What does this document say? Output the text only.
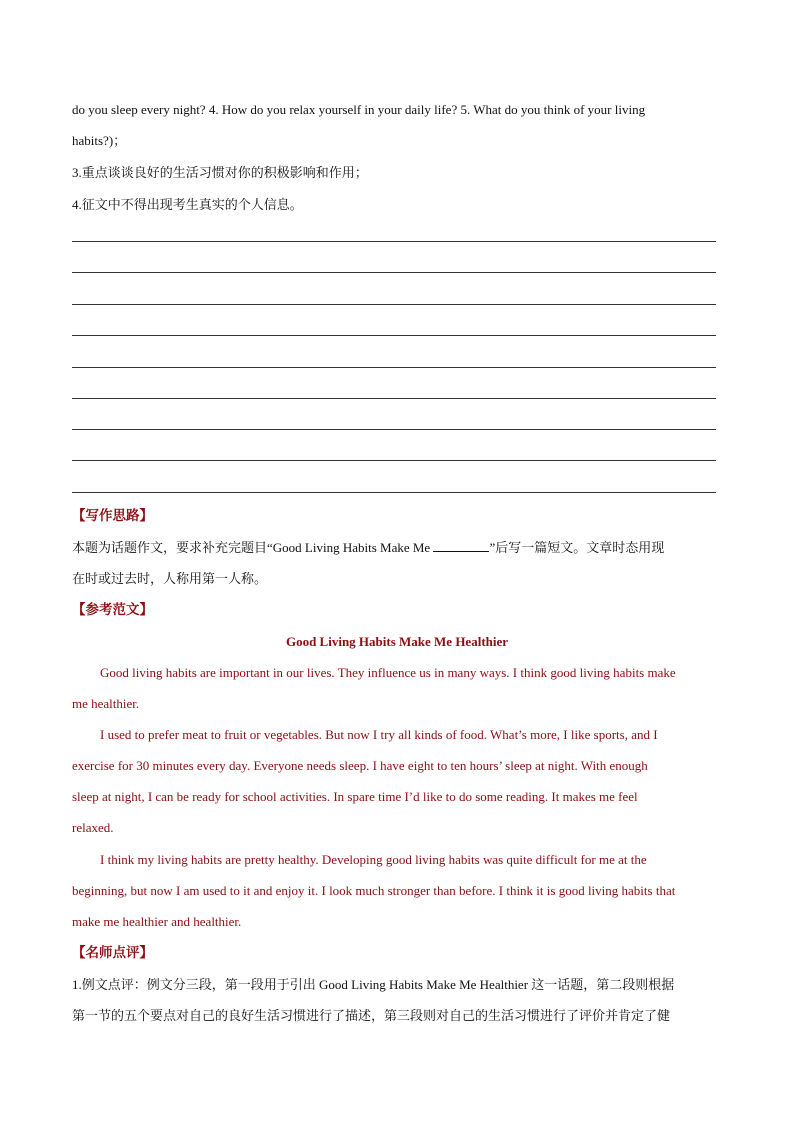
do you sleep every night? 4. How do you relax yourself in your daily life? 5. What do you think of your living
habits?)；
3.重点谈谈良好的生活习惯对你的积极影响和作用；
4.征文中不得出现考生真实的个人信息。
【写作思路】
本题为话题作文，要求补充完题目“Good Living Habits Make Me	”后写一篇短文。文章时态用现
在时或过去时，人称用第一人称。
【参考范文】
Good Living Habits Make Me Healthier
Good living habits are important in our lives. They influence us in many ways. I think good living habits make
me healthier.
I used to prefer meat to fruit or vegetables. But now I try all kinds of food. What’s more, I like sports, and I
exercise for 30 minutes every day. Everyone needs sleep. I have eight to ten hours’ sleep at night. With enough
sleep at night, I can be ready for school activities. In spare time I’d like to do some reading. It makes me feel
relaxed.
I think my living habits are pretty healthy. Developing good living habits was quite difficult for me at the
beginning, but now I am used to it and enjoy it. I look much stronger than before. I think it is good living habits that
make me healthier and healthier.
【名师点评】
1.例文点评：例文分三段，第一段用于引出 Good Living Habits Make Me Healthier 这一话题，第二段则根据
第一节的五个要点对自己的良好生活习惯进行了描述，第三段则对自己的生活习惯进行了评价并肯定了健
